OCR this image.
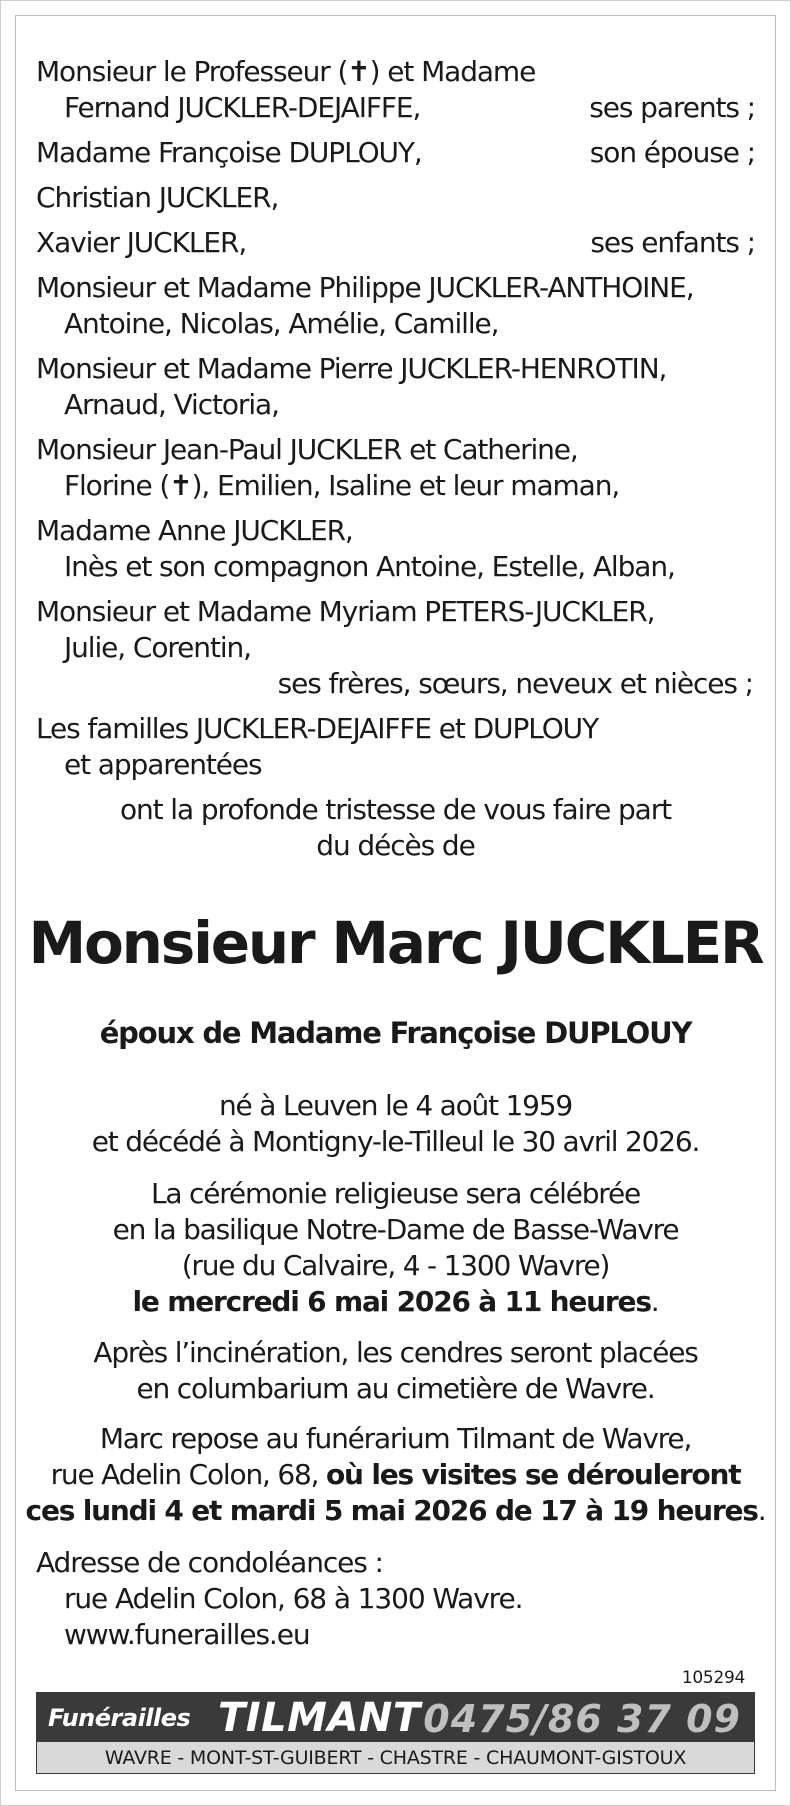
Monsieur le Professeur (✝) et Madame
Fernand JUCKLER-DEJAIFFE,	ses parents ;
Madame Françoise DUPLOUY,	son épouse ;
Christian JUCKLER,
Xavier JUCKLER,	ses enfants ;
Monsieur et Madame Philippe JUCKLER-ANTHOINE,
Antoine, Nicolas, Amélie, Camille,
Monsieur et Madame Pierre JUCKLER-HENROTIN,
Arnaud, Victoria,
Monsieur Jean-Paul JUCKLER et Catherine,
Florine (✝), Emilien, Isaline et leur maman,
Madame Anne JUCKLER,
Inès et son compagnon Antoine, Estelle, Alban,
Monsieur et Madame Myriam PETERS-JUCKLER,
Julie, Corentin,
ses frères, sœurs, neveux et nièces ;
Les familles JUCKLER-DEJAIFFE et DUPLOUY
et apparentées
ont la profonde tristesse de vous faire part
du décès de
Monsieur Marc JUCKLER
époux de Madame Françoise DUPLOUY
né à Leuven le 4 août 1959
et décédé à Montigny-le-Tilleul le 30 avril 2026.
La cérémonie religieuse sera célébrée
en la basilique Notre-Dame de Basse-Wavre
(rue du Calvaire, 4 - 1300 Wavre)
le mercredi 6 mai 2026 à 11 heures.
Après l’incinération, les cendres seront placées
en columbarium au cimetière de Wavre.
Marc repose au funérarium Tilmant de Wavre,
rue Adelin Colon, 68, où les visites se dérouleront
ces lundi 4 et mardi 5 mai 2026 de 17 à 19 heures.
Adresse de condoléances :
rue Adelin Colon, 68 à 1300 Wavre.
www.funerailles.eu
105294
Funérailles TILMANT 0475/86 37 09
WAVRE - MONT-ST-GUIBERT - CHASTRE - CHAUMONT-GISTOUX
